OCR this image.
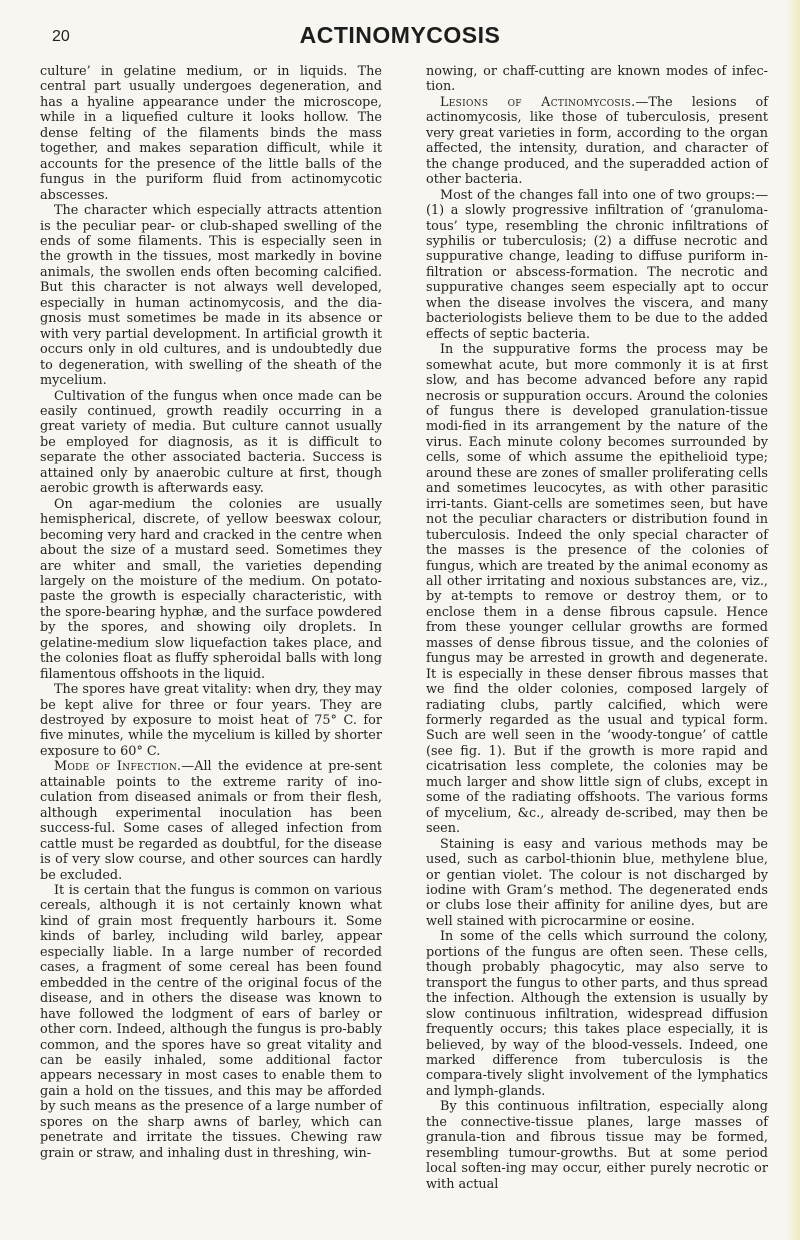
20	ACTINOMYCOSIS

culture’ in gelatine medium, or in liquids. The central part usually undergoes degeneration, and has a hyaline appearance under the microscope, while in a liquefied culture it looks hollow. The dense felting of the filaments binds the mass together, and makes separation difficult, while it accounts for the presence of the little balls of the fungus in the puriform fluid from actinomycotic abscesses.

The character which especially attracts attention is the peculiar pear- or club-shaped swelling of the ends of some filaments. This is especially seen in the growth in the tissues, most markedly in bovine animals, the swollen ends often becoming calcified. But this character is not always well developed, especially in human actinomycosis, and the dia-gnosis must sometimes be made in its absence or with very partial development. In artificial growth it occurs only in old cultures, and is undoubtedly due to degeneration, with swelling of the sheath of the mycelium.

Cultivation of the fungus when once made can be easily continued, growth readily occurring in a great variety of media. But culture cannot usually be employed for diagnosis, as it is difficult to separate the other associated bacteria. Success is attained only by anaerobic culture at first, though aerobic growth is afterwards easy.

On agar-medium the colonies are usually hemispherical, discrete, of yellow beeswax colour, becoming very hard and cracked in the centre when about the size of a mustard seed. Sometimes they are whiter and small, the varieties depending largely on the moisture of the medium. On potato-paste the growth is especially characteristic, with the spore-bearing hyphæ, and the surface powdered by the spores, and showing oily droplets. In gelatine-medium slow liquefaction takes place, and the colonies float as fluffy spheroidal balls with long filamentous offshoots in the liquid.

The spores have great vitality: when dry, they may be kept alive for three or four years. They are destroyed by exposure to moist heat of 75° C. for five minutes, while the mycelium is killed by shorter exposure to 60° C.

Mode of Infection.—All the evidence at pre-sent attainable points to the extreme rarity of ino-culation from diseased animals or from their flesh, although experimental inoculation has been success-ful. Some cases of alleged infection from cattle must be regarded as doubtful, for the disease is of very slow course, and other sources can hardly be excluded.

It is certain that the fungus is common on various cereals, although it is not certainly known what kind of grain most frequently harbours it. Some kinds of barley, including wild barley, appear especially liable. In a large number of recorded cases, a fragment of some cereal has been found embedded in the centre of the original focus of the disease, and in others the disease was known to have followed the lodgment of ears of barley or other corn. Indeed, although the fungus is pro-bably common, and the spores have so great vitality and can be easily inhaled, some additional factor appears necessary in most cases to enable them to gain a hold on the tissues, and this may be afforded by such means as the presence of a large number of spores on the sharp awns of barley, which can penetrate and irritate the tissues. Chewing raw grain or straw, and inhaling dust in threshing, win-

nowing, or chaff-cutting are known modes of infec-tion.

Lesions of Actinomycosis.—The lesions of actinomycosis, like those of tuberculosis, present very great varieties in form, according to the organ affected, the intensity, duration, and character of the change produced, and the superadded action of other bacteria.

Most of the changes fall into one of two groups:—(1) a slowly progressive infiltration of ‘granuloma-tous’ type, resembling the chronic infiltrations of syphilis or tuberculosis; (2) a diffuse necrotic and suppurative change, leading to diffuse puriform in-filtration or abscess-formation. The necrotic and suppurative changes seem especially apt to occur when the disease involves the viscera, and many bacteriologists believe them to be due to the added effects of septic bacteria.

In the suppurative forms the process may be somewhat acute, but more commonly it is at first slow, and has become advanced before any rapid necrosis or suppuration occurs. Around the colonies of fungus there is developed granulation-tissue modi-fied in its arrangement by the nature of the virus. Each minute colony becomes surrounded by cells, some of which assume the epithelioid type; around these are zones of smaller proliferating cells and sometimes leucocytes, as with other parasitic irri-tants. Giant-cells are sometimes seen, but have not the peculiar characters or distribution found in tuberculosis. Indeed the only special character of the masses is the presence of the colonies of fungus, which are treated by the animal economy as all other irritating and noxious substances are, viz., by at-tempts to remove or destroy them, or to enclose them in a dense fibrous capsule. Hence from these younger cellular growths are formed masses of dense fibrous tissue, and the colonies of fungus may be arrested in growth and degenerate. It is especially in these denser fibrous masses that we find the older colonies, composed largely of radiating clubs, partly calcified, which were formerly regarded as the usual and typical form. Such are well seen in the ‘woody-tongue’ of cattle (see fig. 1). But if the growth is more rapid and cicatrisation less complete, the colonies may be much larger and show little sign of clubs, except in some of the radiating offshoots. The various forms of mycelium, &c., already de-scribed, may then be seen.

Staining is easy and various methods may be used, such as carbol-thionin blue, methylene blue, or gentian violet. The colour is not discharged by iodine with Gram’s method. The degenerated ends or clubs lose their affinity for aniline dyes, but are well stained with picrocarmine or eosine.

In some of the cells which surround the colony, portions of the fungus are often seen. These cells, though probably phagocytic, may also serve to transport the fungus to other parts, and thus spread the infection. Although the extension is usually by slow continuous infiltration, widespread diffusion frequently occurs; this takes place especially, it is believed, by way of the blood-vessels. Indeed, one marked difference from tuberculosis is the compara-tively slight involvement of the lymphatics and lymph-glands.

By this continuous infiltration, especially along the connective-tissue planes, large masses of granula-tion and fibrous tissue may be formed, resembling tumour-growths. But at some period local soften-ing may occur, either purely necrotic or with actual
